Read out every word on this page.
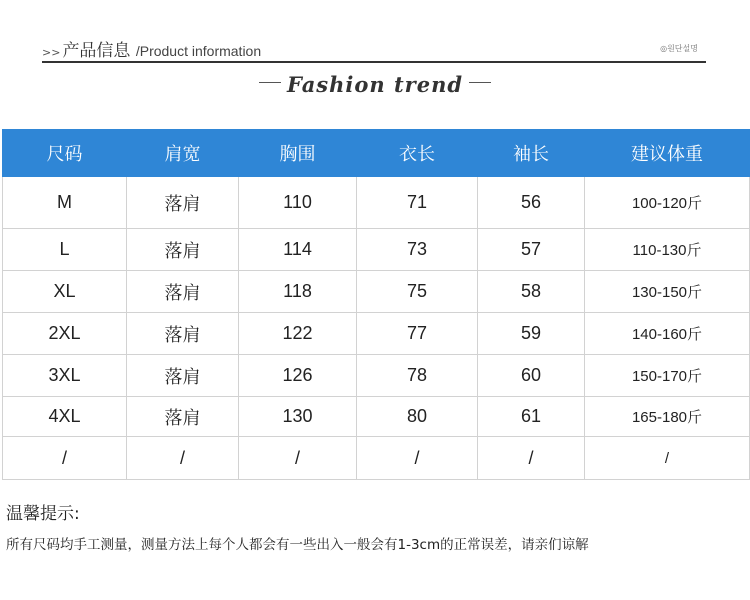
>> 产品信息 /Product information	◎원단설명
Fashion trend
尺码	肩宽	胸围	衣长	袖长	建议体重
M	落肩	110	71	56	100-120斤
L	落肩	114	73	57	110-130斤
XL	落肩	118	75	58	130-150斤
2XL	落肩	122	77	59	140-160斤
3XL	落肩	126	78	60	150-170斤
4XL	落肩	130	80	61	165-180斤
/	/	/	/	/	/
温馨提示:
所有尺码均手工测量，测量方法上每个人都会有一些出入一般会有1-3cm的正常误差，请亲们谅解
